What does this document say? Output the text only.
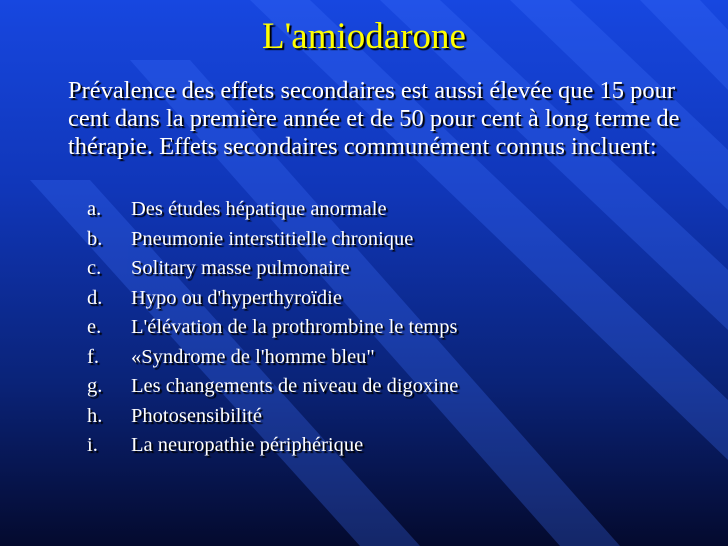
L'amiodarone
Prévalence des effets secondaires est aussi élevée que 15 pour cent dans la première année et de 50 pour cent à long terme de thérapie. Effets secondaires communément connus incluent:
a. Des études hépatique anormale
b. Pneumonie interstitielle chronique
c. Solitary masse pulmonaire
d. Hypo ou d'hyperthyroïdie
e. L'élévation de la prothrombine le temps
f. «Syndrome de l'homme bleu"
g. Les changements de niveau de digoxine
h. Photosensibilité
i. La neuropathie périphérique
